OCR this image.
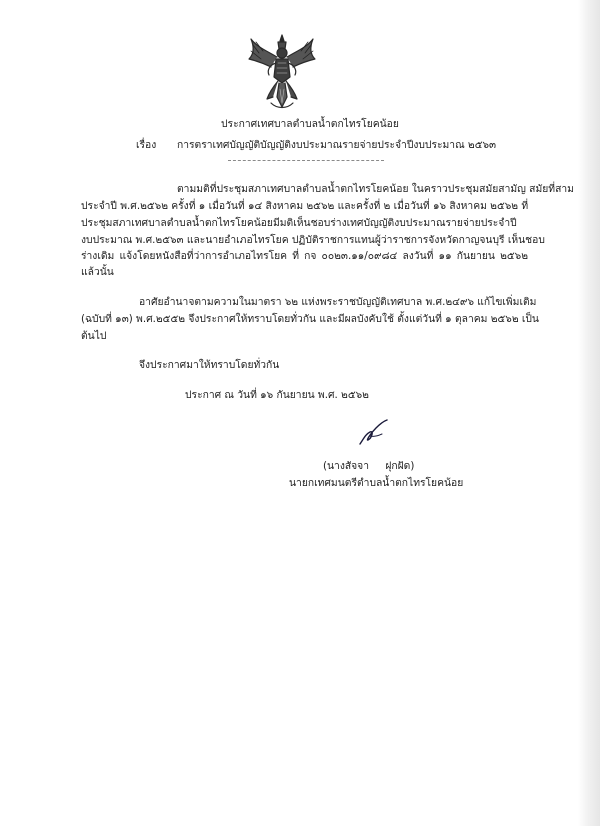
ประกาศเทศบาลตำบลน้ำตกไทรโยคน้อย
เรื่อง การตราเทศบัญญัติบัญญัติงบประมาณรายจ่ายประจำปีงบประมาณ ๒๕๖๓
ตามมติที่ประชุมสภาเทศบาลตำบลน้ำตกไทรโยคน้อย ในคราวประชุมสมัยสามัญ สมัยที่สาม
ประจำปี พ.ศ.๒๕๖๒ ครั้งที่ ๑ เมื่อวันที่ ๑๔ สิงหาคม ๒๕๖๒ และครั้งที่ ๒ เมื่อวันที่ ๑๖ สิงหาคม ๒๕๖๒ ที่
ประชุมสภาเทศบาลตำบลน้ำตกไทรโยคน้อยมีมติเห็นชอบร่างเทศบัญญัติงบประมาณรายจ่ายประจำปี
งบประมาณ พ.ศ.๒๕๖๓ และนายอำเภอไทรโยค ปฏิบัติราชการแทนผู้ว่าราชการจังหวัดกาญจนบุรี เห็นชอบ
ร่างเดิม แจ้งโดยหนังสือที่ว่าการอำเภอไทรโยค ที่ กจ ๐๐๒๓.๑๑/๐๙๘๔ ลงวันที่ ๑๑ กันยายน ๒๕๖๒
แล้วนั้น
อาศัยอำนาจตามความในมาตรา ๖๒ แห่งพระราชบัญญัติเทศบาล พ.ศ.๒๔๙๖ แก้ไขเพิ่มเติม
(ฉบับที่ ๑๓) พ.ศ.๒๕๕๒ จึงประกาศให้ทราบโดยทั่วกัน และมีผลบังคับใช้ ตั้งแต่วันที่ ๑ ตุลาคม ๒๕๖๒ เป็น
ต้นไป
จึงประกาศมาให้ทราบโดยทั่วกัน
ประกาศ ณ วันที่ ๑๖ กันยายน พ.ศ. ๒๕๖๒
(นางสัจจา     ฝุกฝัด)
นายกเทศมนตรีตำบลน้ำตกไทรโยคน้อย
